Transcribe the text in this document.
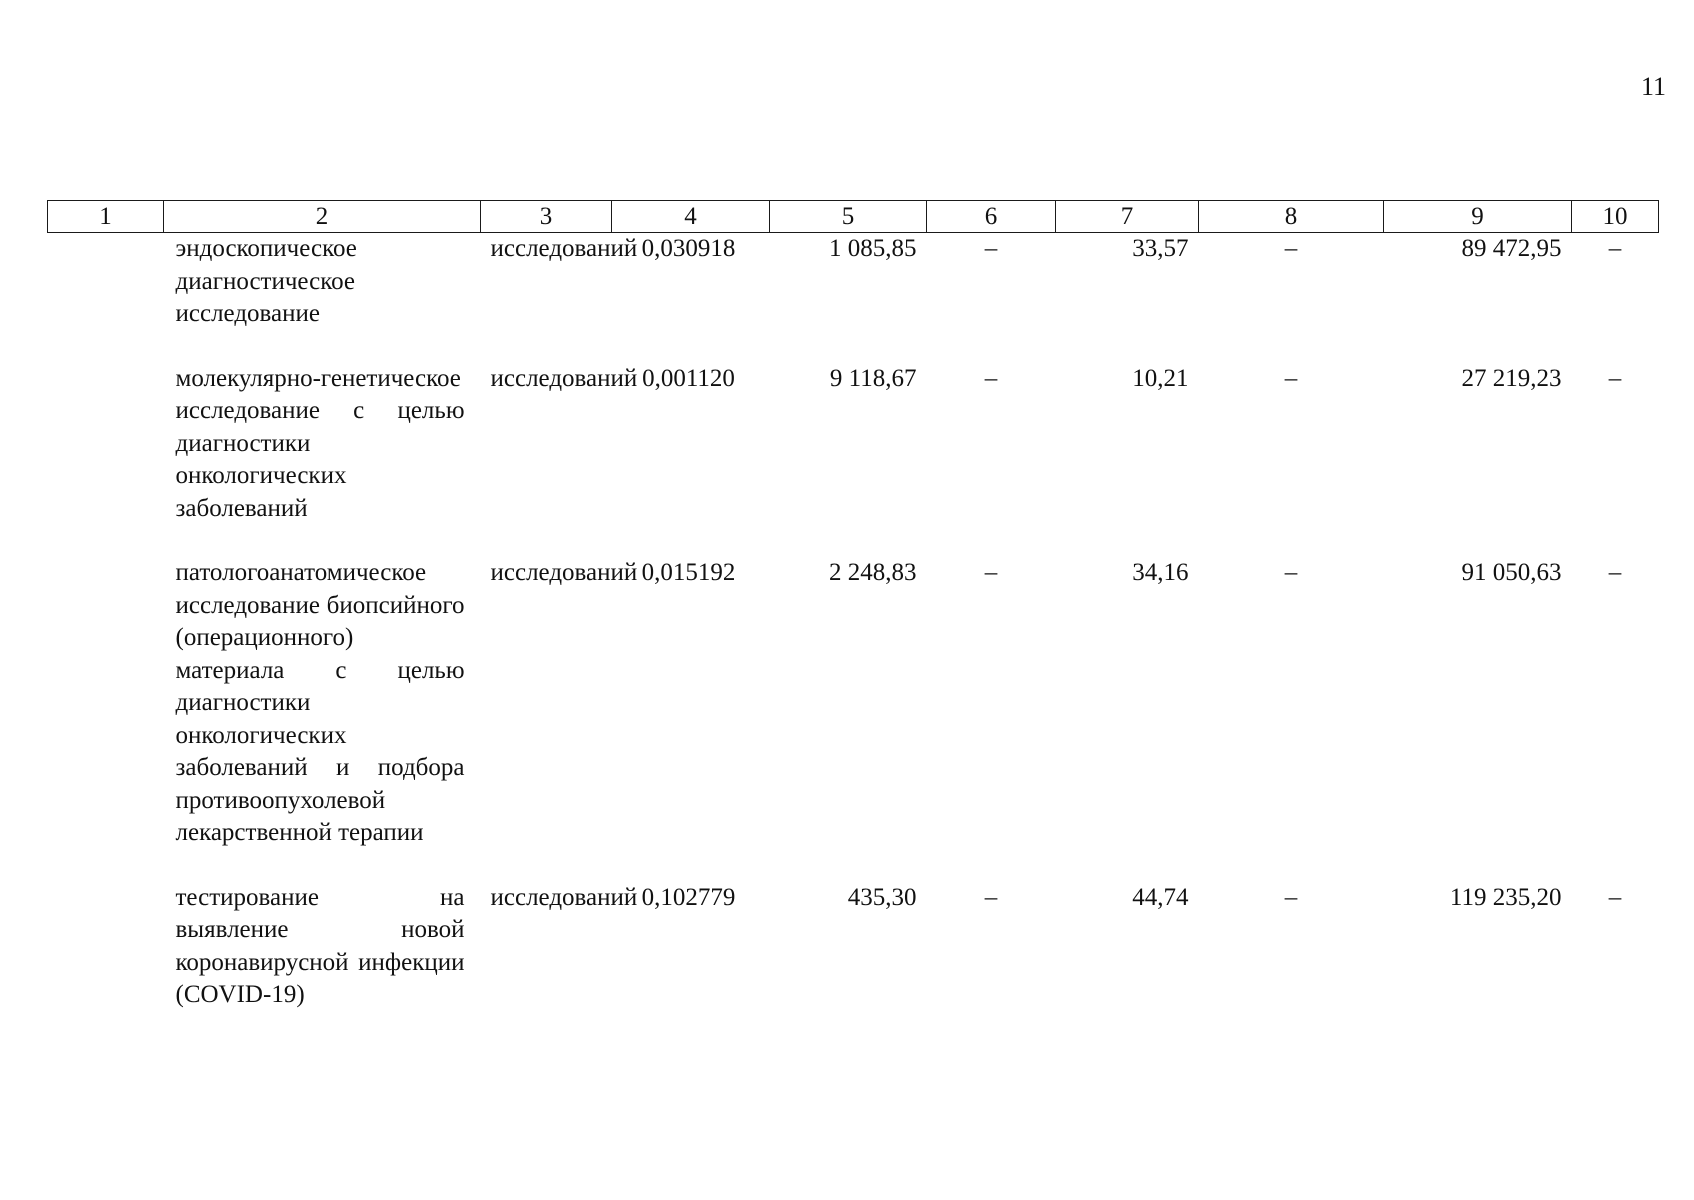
11
1	2	3	4	5	6	7	8	9	10
	эндоскопическое диагностическое исследование	исследований	0,030918	1 085,85	–	33,57	–	89 472,95	–
	молекулярно-генетическое исследование с целью диагностики онкологических заболеваний	исследований	0,001120	9 118,67	–	10,21	–	27 219,23	–
	патологоанатомическое исследование биопсийного (операционного) материала с целью диагностики онкологических заболеваний и подбора противоопухолевой лекарственной терапии	исследований	0,015192	2 248,83	–	34,16	–	91 050,63	–
	тестирование на выявление новой коронавирусной инфекции (COVID-19)	исследований	0,102779	435,30	–	44,74	–	119 235,20	–
